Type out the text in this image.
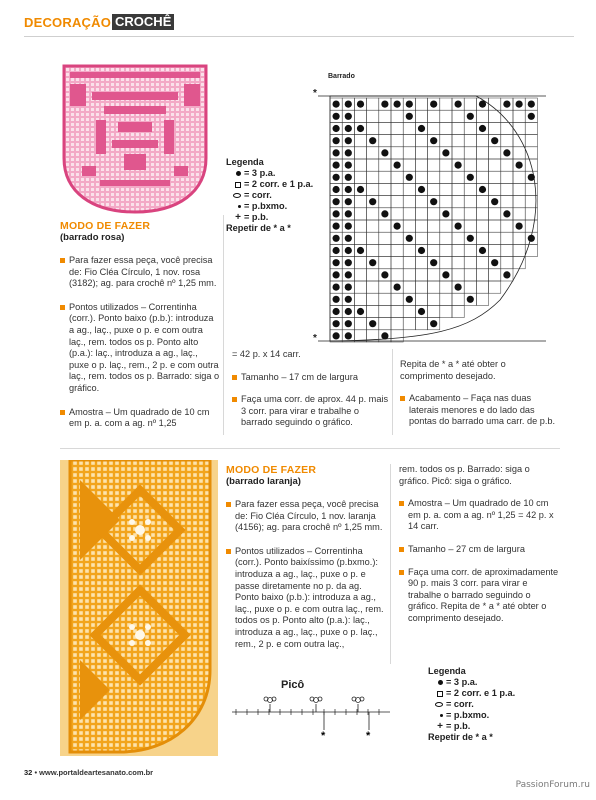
DECORAÇÃO CROCHÊ
MODO DE FAZER
(barrado rosa)
Para fazer essa peça, você precisa de: Fio Cléa Círculo, 1 nov. rosa (3182); ag. para crochê nº 1,25 mm.
Pontos utilizados – Correntinha (corr.). Ponto baixo (p.b.): introduza a ag., laç., puxe o p. e com outra laç., rem. todos os p. Ponto alto (p.a.): laç., introduza a ag., laç., puxe o p. laç., rem., 2 p. e com outra laç., rem. todos os p. Barrado: siga o gráfico.
Amostra – Um quadrado de 10 cm em p. a. com a ag. nº 1,25
= 42 p. x 14 carr.
Tamanho – 17 cm de largura
Faça uma corr. de aprox. 44 p. mais 3 corr. para virar e trabalhe o barrado seguindo o gráfico.
Repita de * a * até obter o comprimento desejado.
Acabamento – Faça nas duas laterais menores e do lado das pontas do barrado uma carr. de p.b.
Legenda
= 3 p.a.
= 2 corr. e 1 p.a.
= corr.
= p.bxmo.
+ = p.b.
Repetir de * a *
Barrado
*
*
MODO DE FAZER
(barrado laranja)
Para fazer essa peça, você precisa de: Fio Cléa Círculo, 1 nov. laranja (4156); ag. para crochê nº 1,25 mm.
Pontos utilizados – Correntinha (corr.). Ponto baixíssimo (p.bxmo.): introduza a ag., laç., puxe o p. e passe diretamente no p. da ag. Ponto baixo (p.b.): introduza a ag., laç., puxe o p. e com outra laç., rem. todos os p. Ponto alto (p.a.): laç., introduza a ag., laç., puxe o p. laç., rem., 2 p. e com outra laç.,
rem. todos os p. Barrado: siga o gráfico. Picô: siga o gráfico.
Amostra – Um quadrado de 10 cm em p. a. com a ag. nº 1,25 = 42 p. x 14 carr.
Tamanho – 27 cm de largura
Faça uma corr. de aproximadamente 90 p. mais 3 corr. para virar e trabalhe o barrado seguindo o gráfico. Repita de * a * até obter o comprimento desejado.
Picô
*	*
Legenda
= 3 p.a.
= 2 corr. e 1 p.a.
= corr.
= p.bxmo.
+ = p.b.
Repetir de * a *
32 • www.portaldeartesanato.com.br
PassionForum.ru
